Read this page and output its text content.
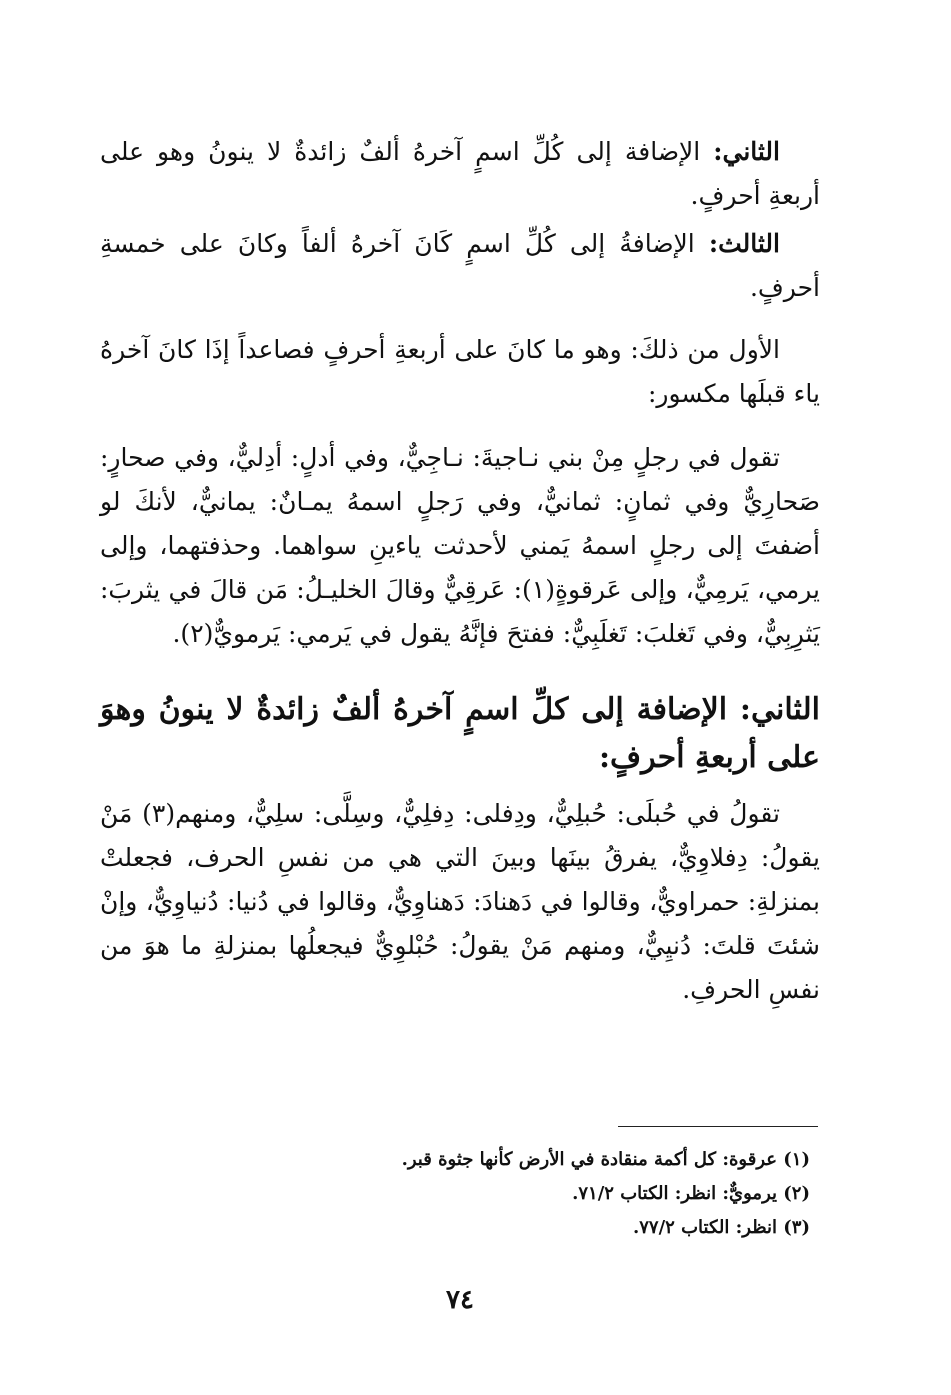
الثاني: الإضافة إلى كُلِّ اسمٍ آخرهُ ألفٌ زائدةٌ لا ينونُ وهو على أربعةِ أحرفٍ.

الثالث: الإضافةُ إلى كُلِّ اسمٍ كَانَ آخرهُ ألفاً وكانَ على خمسةِ أحرفٍ.

الأول من ذلكَ: وهو ما كانَ على أربعةِ أحرفٍ فصاعداً إذَا كانَ آخرهُ ياء قبلَها مكسور:

تقول في رجلٍ مِنْ بني نـاجيةَ: نـاجِيٌّ، وفي أدلٍ: أدِليٌّ، وفي صحارٍ: صَحارِيٌّ وفي ثمانٍ: ثمانيٌّ، وفي رَجلٍ اسمهُ يمـانٌ: يمانيٌّ، لأنكَ لو أضفتَ إلى رجلٍ اسمهُ يَمني لأحدثت ياءينِ سواهما. وحذفتهما، وإلى يرمي، يَرمِيٌّ، وإلى عَرقوةٍ(١): عَرقِيٌّ وقالَ الخليـلُ: مَن قالَ في يثربَ: يَثرِبِيٌّ، وفي تَغلبَ: تَغلَبِيٌّ: ففتحَ فإنَّهُ يقول في يَرمي: يَرمويٌّ(٢).

الثاني: الإضافة إلى كلِّ اسمٍ آخرهُ ألفٌ زائدةٌ لا ينونُ وهوَ على أربعةِ أحرفٍ:

تقولُ في حُبلَى: حُبلِيٌّ، ودِفلى: دِفلِيٌّ، وسِلَّى: سلِيٌّ، ومنهم(٣) مَنْ يقولُ: دِفلاوِيٌّ، يفرقُ بينَها وبينَ التي هي من نفسِ الحرف، فجعلتْ بمنزلةِ: حمراويٌّ، وقالوا في دَهنادَ: دَهناوِيٌّ، وقالوا في دُنيا: دُنياوِيٌّ، وإنْ شئتَ قلتَ: دُنيِيٌّ، ومنهم مَنْ يقولُ: حُبْلوِيٌّ فيجعلُها بمنزلةِ ما هوَ من نفسِ الحرفِ.

(١) عرقوة: كل أكمة منقادة في الأرض كأنها جثوة قبر.

(٢) يرمويٌّ: انظر: الكتاب ٧١/٢.

(٣) انظر: الكتاب ٧٧/٢.

٧٤
